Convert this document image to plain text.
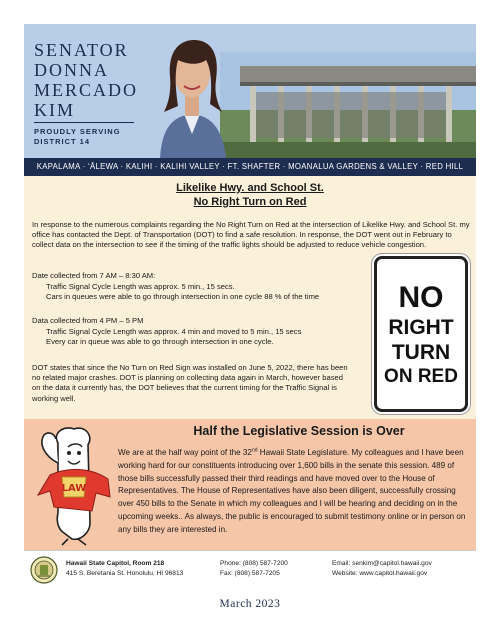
SENATOR
DONNA
MERCADO
KIM
PROUDLY SERVING
DISTRICT 14
KAPALAMA · ʻĀLEWA · KALIHI · KALIHI VALLEY · FT. SHAFTER · MOANALUA GARDENS & VALLEY · RED HILL
Likelike Hwy. and School St.
No Right Turn on Red
In response to the numerous complaints regarding the No Right Turn on Red at the intersection of Likelike Hwy. and School St. my office has contacted the Dept. of Transportation (DOT) to find a safe resolution. In response, the DOT went out in February to collect data on the intersection to see if the timing of the traffic lights should be adjusted to reduce vehicle congestion.
Date collected from 7 AM – 8:30 AM:
Traffic Signal Cycle Length was approx. 5 min., 15 secs.
Cars in queues were able to go through intersection in one cycle 88 % of the time
Data collected from 4 PM – 5 PM
Traffic Signal Cycle Length was approx. 4 min and moved to 5 min., 15 secs
Every car in queue was able to go through intersection in one cycle.
DOT states that since the No Turn on Red Sign was installed on June 5, 2022, there has been no related major crashes. DOT is planning on collecting data again in March, however based on the data it currently has, the DOT believes that the current timing for the Traffic Signal is working well.
NO
RIGHT
TURN
ON RED
LAW
Half the Legislative Session is Over
We are at the half way point of the 32nd Hawaii State Legislature. My colleagues and I have been working hard for our constituents introducing over 1,600 bills in the senate this session. 489 of those bills successfully passed their third readings and have moved over to the House of Representatives. The House of Representatives have also been diligent, successfully crossing over 450 bills to the Senate in which my colleagues and I will be hearing and deciding on in the upcoming weeks.. As always, the public is encouraged to submit testimony online or in person on any bills they are interested in.
Hawaii State Capitol, Room 218
415 S. Beretania St. Honolulu, HI 96813
Phone: (808) 587-7200
Fax: (808) 587-7205
Email: senkim@capitol.hawaii.gov
Website: www.capitol.hawaii.gov
March 2023
